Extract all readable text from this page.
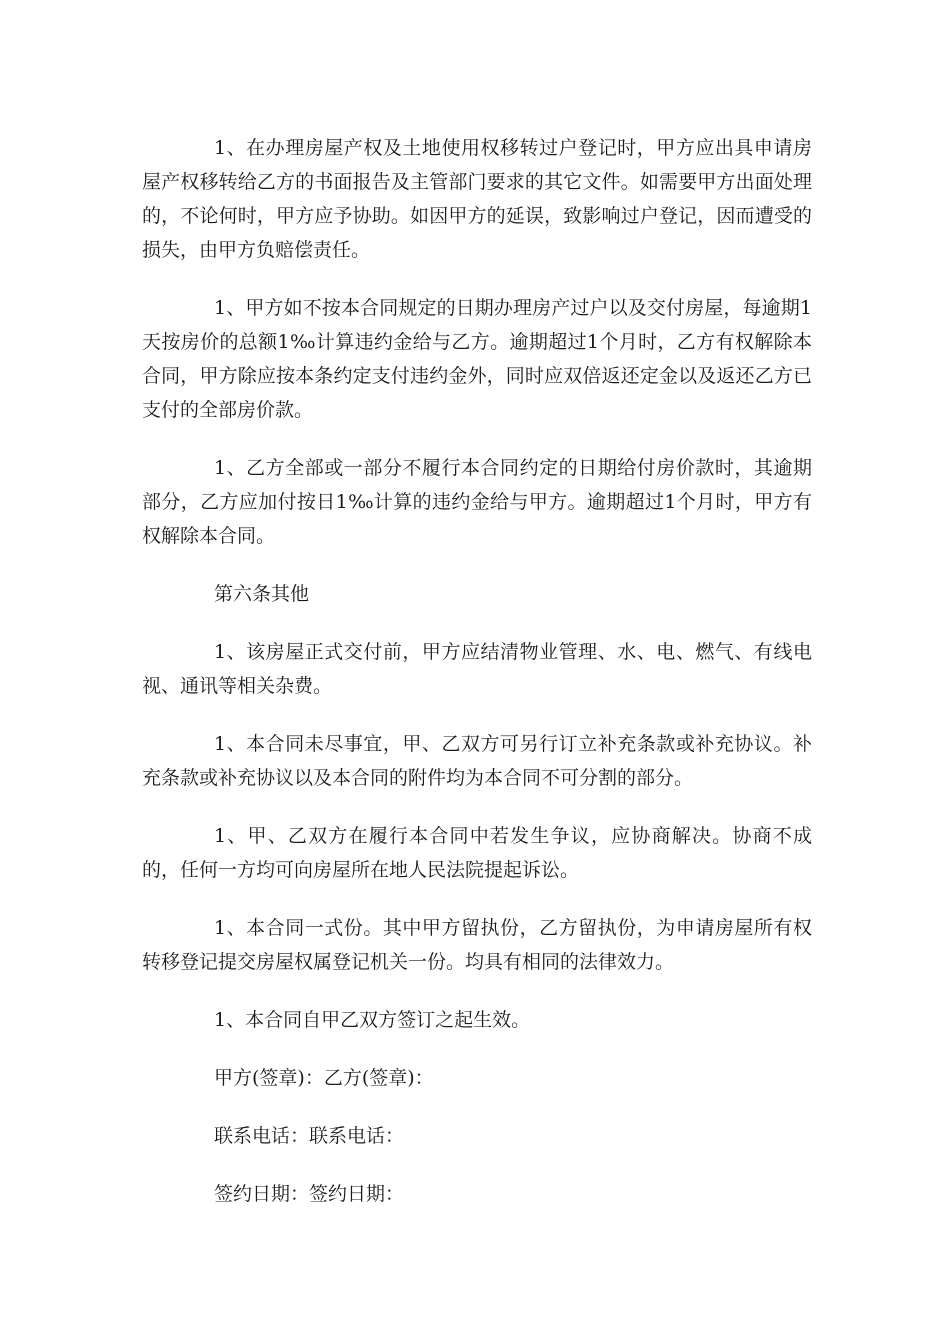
1、在办理房屋产权及土地使用权移转过户登记时，甲方应出具申请房屋产权移转给乙方的书面报告及主管部门要求的其它文件。如需要甲方出面处理的，不论何时，甲方应予协助。如因甲方的延误，致影响过户登记，因而遭受的损失，由甲方负赔偿责任。

1、甲方如不按本合同规定的日期办理房产过户以及交付房屋，每逾期1天按房价的总额1‰计算违约金给与乙方。逾期超过1个月时，乙方有权解除本合同，甲方除应按本条约定支付违约金外，同时应双倍返还定金以及返还乙方已支付的全部房价款。

1、乙方全部或一部分不履行本合同约定的日期给付房价款时，其逾期部分，乙方应加付按日1‰计算的违约金给与甲方。逾期超过1个月时，甲方有权解除本合同。

第六条其他

1、该房屋正式交付前，甲方应结清物业管理、水、电、燃气、有线电视、通讯等相关杂费。

1、本合同未尽事宜，甲、乙双方可另行订立补充条款或补充协议。补充条款或补充协议以及本合同的附件均为本合同不可分割的部分。

1、甲、乙双方在履行本合同中若发生争议，应协商解决。协商不成的，任何一方均可向房屋所在地人民法院提起诉讼。

1、本合同一式份。其中甲方留执份，乙方留执份，为申请房屋所有权转移登记提交房屋权属登记机关一份。均具有相同的法律效力。

1、本合同自甲乙双方签订之起生效。

甲方(签章)：乙方(签章)：

联系电话：联系电话：

签约日期：签约日期：
